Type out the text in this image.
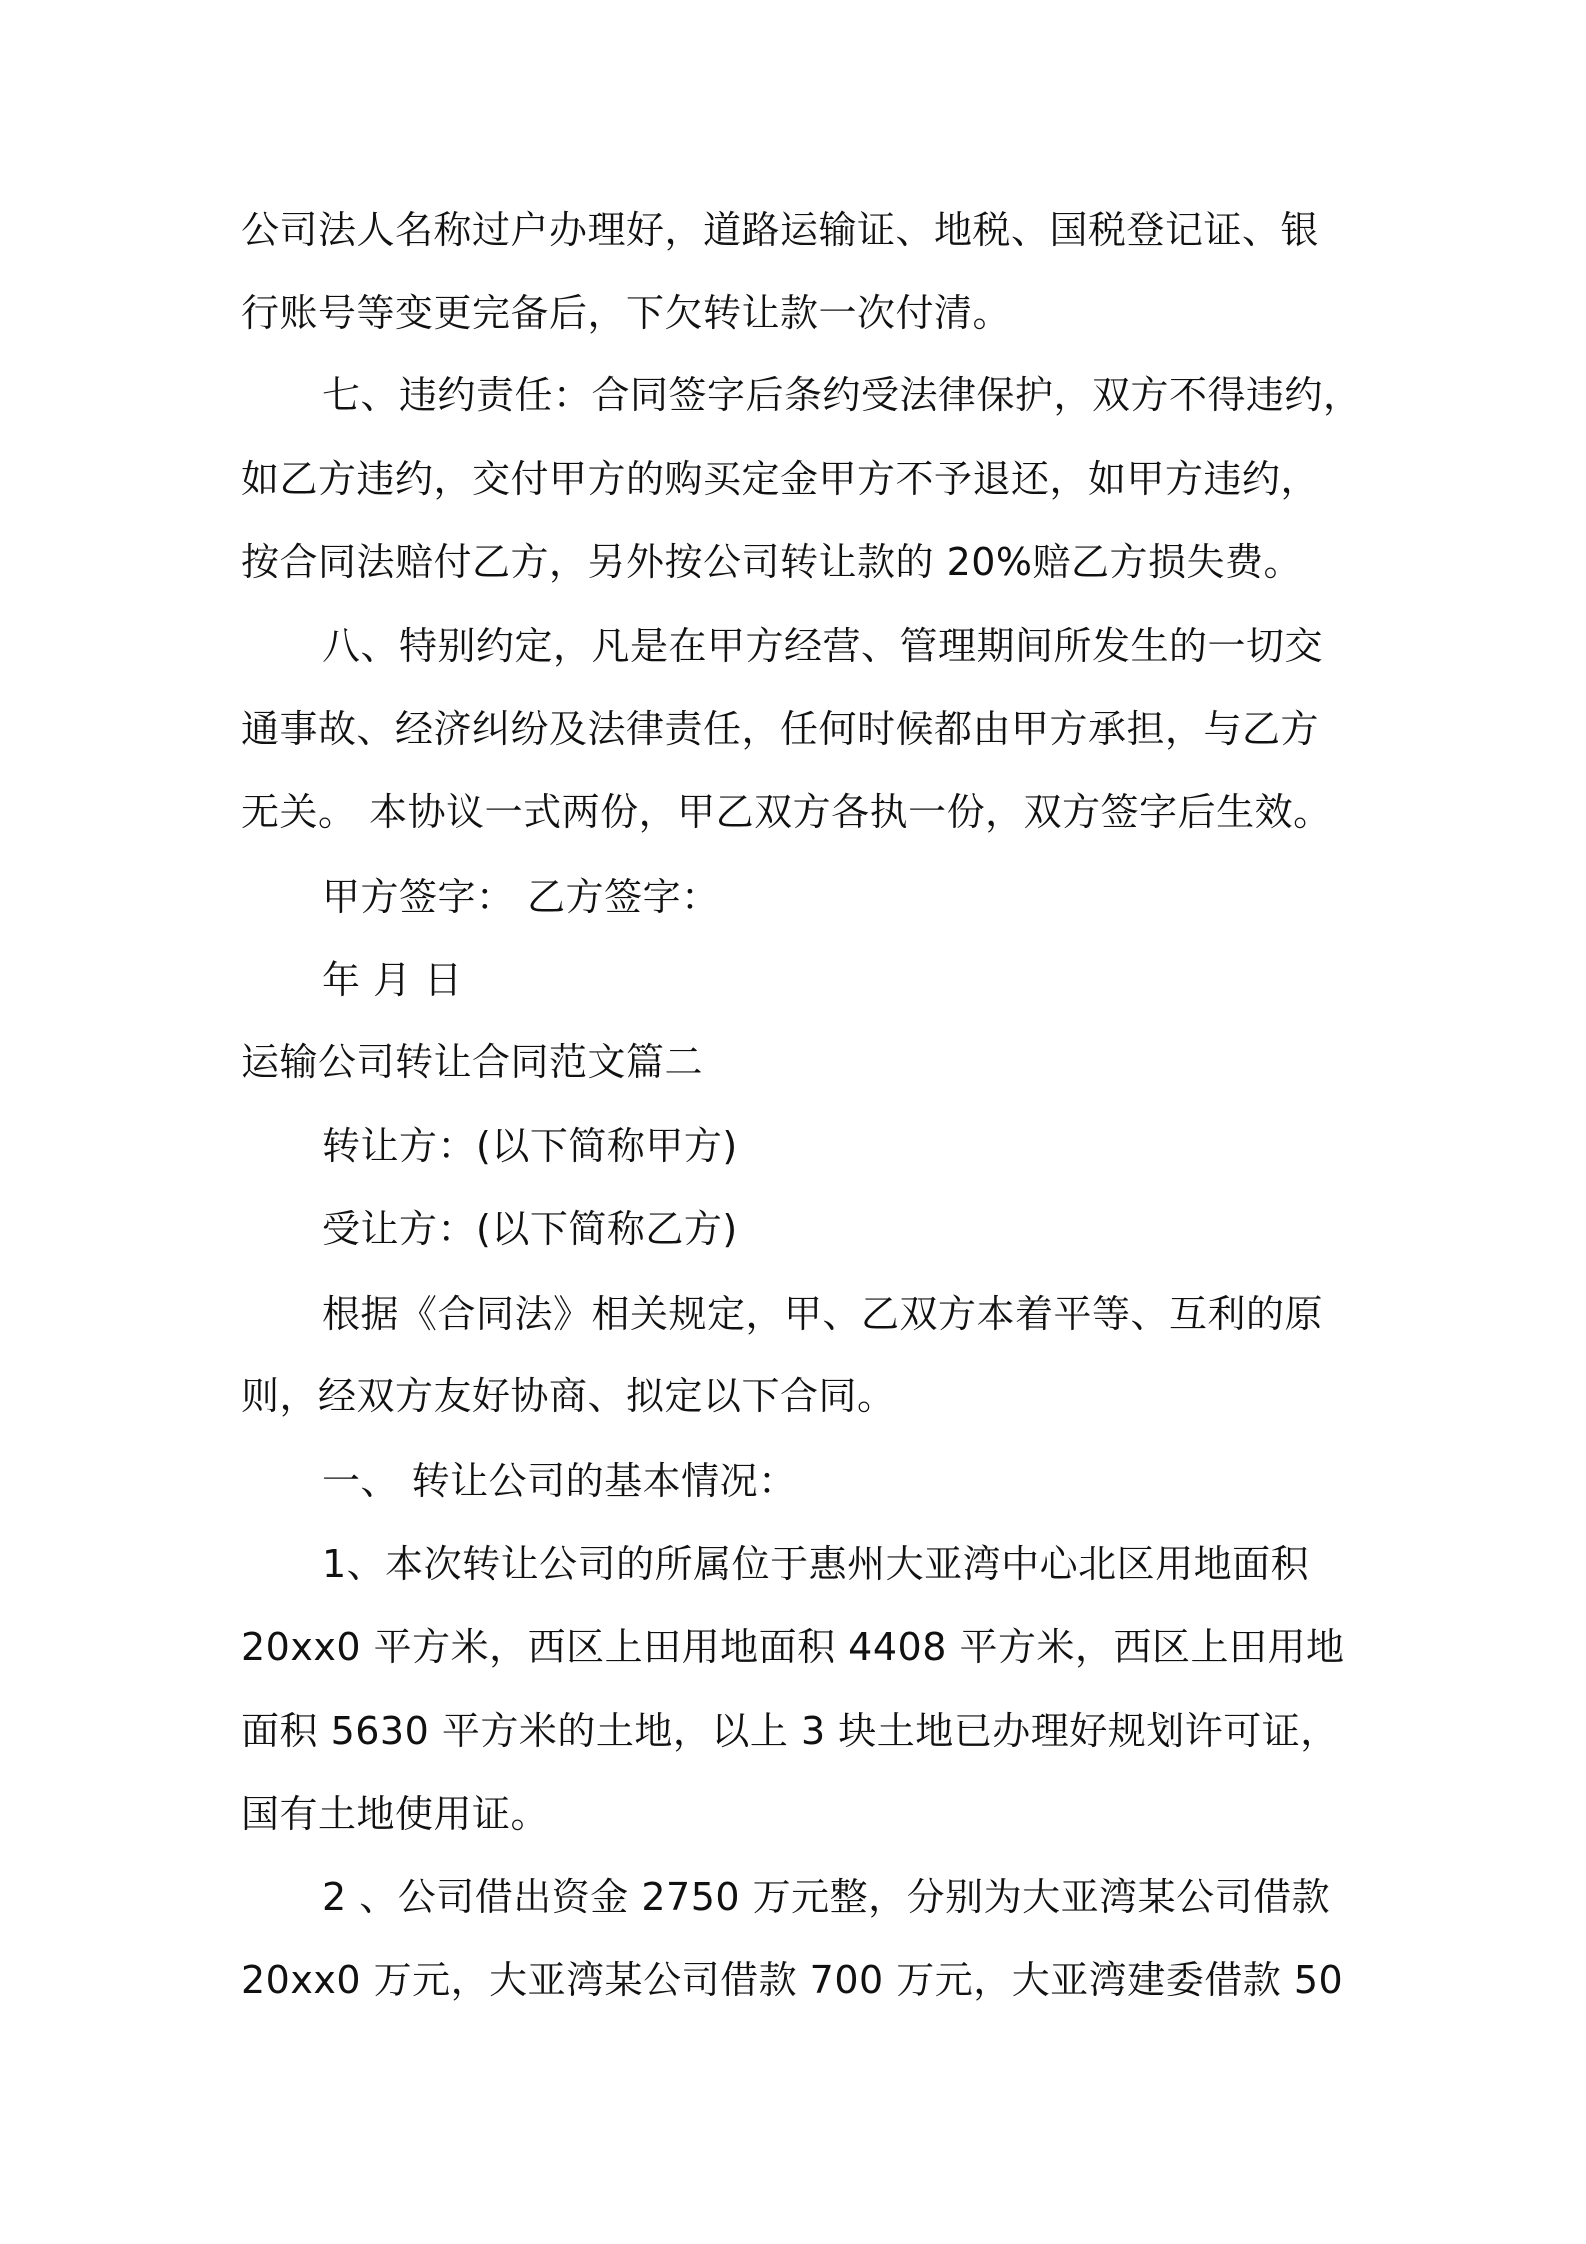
公司法人名称过户办理好，道路运输证、地税、国税登记证、银
行账号等变更完备后，下欠转让款一次付清。
七、违约责任：合同签字后条约受法律保护，双方不得违约，
如乙方违约，交付甲方的购买定金甲方不予退还，如甲方违约，
按合同法赔付乙方，另外按公司转让款的 20%赔乙方损失费。
八、特别约定，凡是在甲方经营、管理期间所发生的一切交
通事故、经济纠纷及法律责任，任何时候都由甲方承担，与乙方
无关。 本协议一式两份，甲乙双方各执一份，双方签字后生效。
甲方签字： 乙方签字：
年 月 日
运输公司转让合同范文篇二
转让方：(以下简称甲方)
受让方：(以下简称乙方)
根据《合同法》相关规定，甲、乙双方本着平等、互利的原
则，经双方友好协商、拟定以下合同。
一、 转让公司的基本情况：
1、本次转让公司的所属位于惠州大亚湾中心北区用地面积
20xx0 平方米，西区上田用地面积 4408 平方米，西区上田用地
面积 5630 平方米的土地，以上 3 块土地已办理好规划许可证，
国有土地使用证。
2 、公司借出资金 2750 万元整，分别为大亚湾某公司借款
20xx0 万元，大亚湾某公司借款 700 万元，大亚湾建委借款 50
